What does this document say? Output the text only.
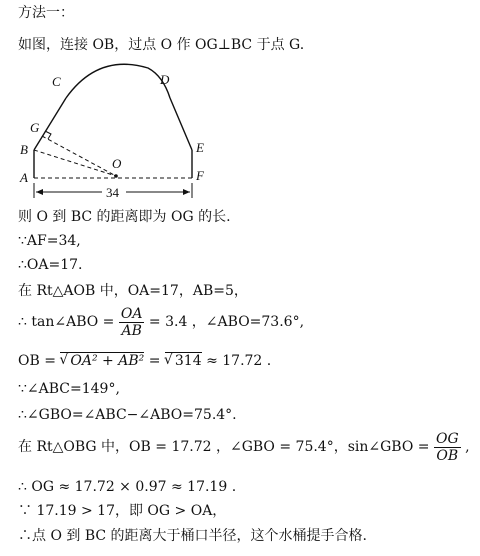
方法一：
如图，连接 OB，过点 O 作 OG⊥BC 于点 G.
34
C	D
G
B
O
E
A	F
则 O 到 BC 的距离即为 OG 的长.
∵AF=34,
∴OA=17.
在 Rt△AOB 中，OA=17，AB=5，
∴ tan∠ABO = $\frac{OA}{AB} = 3.4$ ，∠ABO=73.6°,
OB = √ OA² + AB² = √ 314 ≈ 17.72 .
∵∠ABC=149°,
∴∠GBO=∠ABC−∠ABO=75.4°.
在 Rt△OBG 中，OB = 17.72 ，∠GBO = 75.4°，sin∠GBO = $\frac{OG}{OB}$ ,
∴ OG ≈ 17.72 × 0.97 ≈ 17.19 .
∵ 17.19 > 17，即 OG > OA，
∴点 O 到 BC 的距离大于桶口半径，这个水桶提手合格.
